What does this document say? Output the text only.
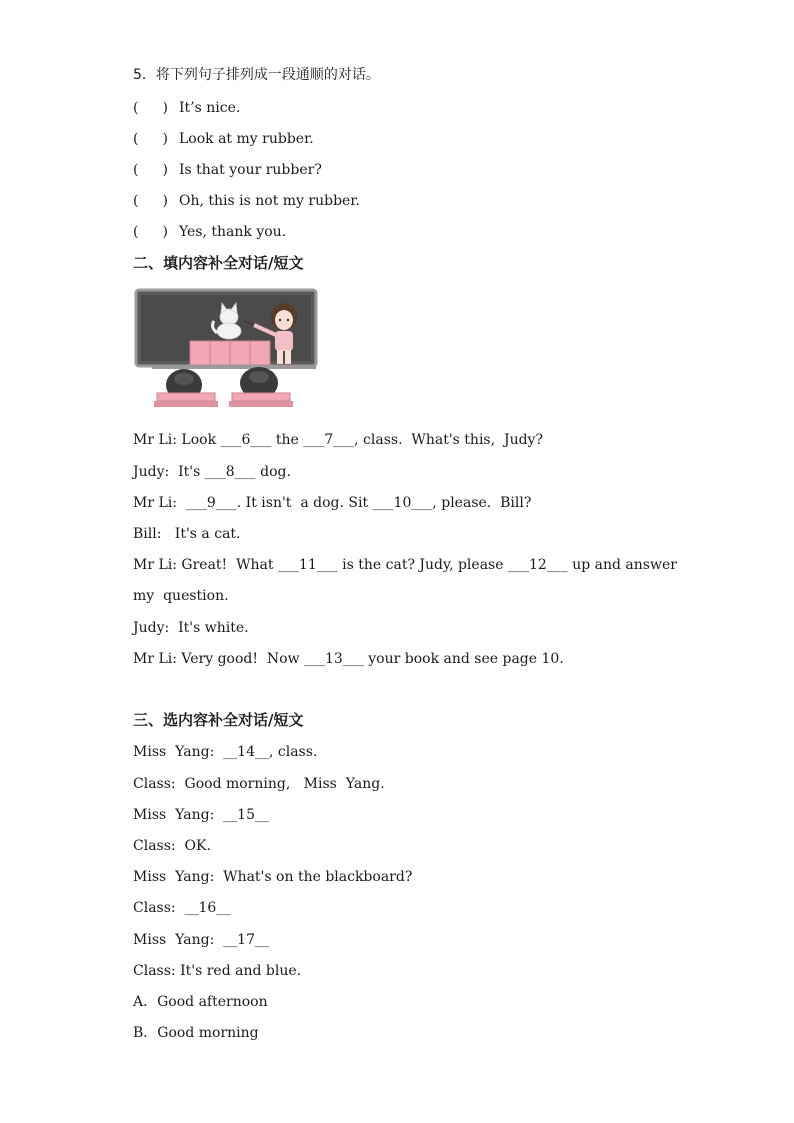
5．将下列句子排列成一段通顺的对话。
( ) It’s nice.
( ) Look at my rubber.
( ) Is that your rubber?
( ) Oh, this is not my rubber.
( ) Yes, thank you.
二、填内容补全对话/短文
Mr Li: Look ___6___ the ___7___, class.  What's this,  Judy?
Judy:  It's ___8___ dog.
Mr Li:  ___9___. It isn't  a dog. Sit ___10___, please.  Bill?
Bill:   It's a cat.
Mr Li: Great!  What ___11___ is the cat? Judy, please ___12___ up and answer
my  question.
Judy:  It's white.
Mr Li: Very good!  Now ___13___ your book and see page 10.
三、选内容补全对话/短文
Miss  Yang:  __14__, class.
Class:  Good morning,   Miss  Yang.
Miss  Yang:  __15__
Class:  OK.
Miss  Yang:  What's on the blackboard?
Class:  __16__
Miss  Yang:  __17__
Class: It's red and blue.
A．Good afternoon
B．Good morning
